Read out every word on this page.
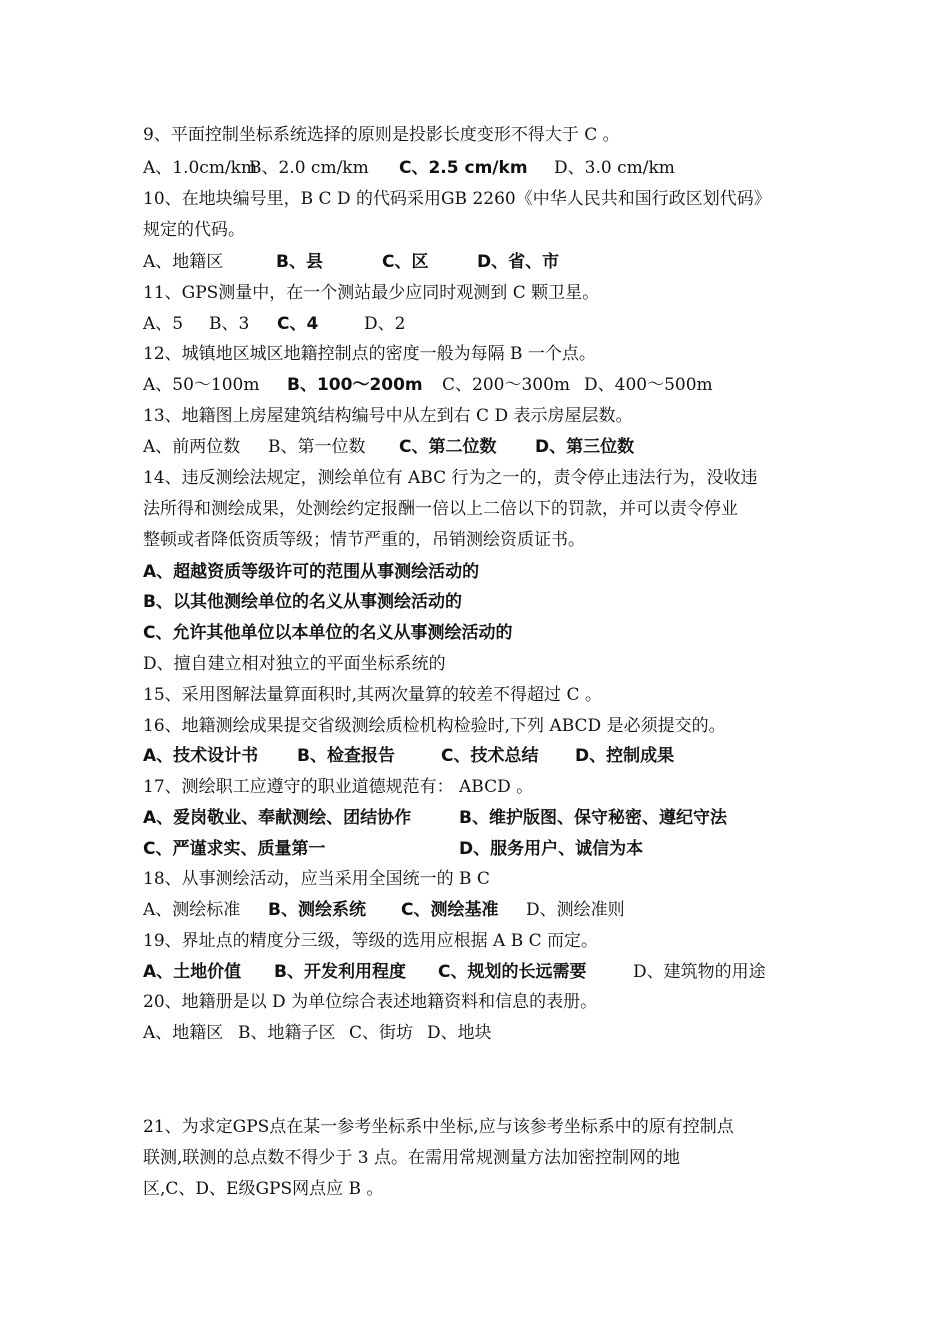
9、平面控制坐标系统选择的原则是投影长度变形不得大于 C 。
A、1.0cm/kmB、2.0 cm/km C、2.5 cm/km D、3.0 cm/km
10、在地块编号里，B C D 的代码采用GB 2260《中华人民共和国行政区划代码》
规定的代码。
A、地籍区	B、县	C、区	D、省、市
11、GPS测量中，在一个测站最少应同时观测到 C 颗卫星。
A、5 B、3 C、4	D、2
12、城镇地区城区地籍控制点的密度一般为每隔 B 一个点。
A、50～100m B、100～200m C、200～300m D、400～500m
13、地籍图上房屋建筑结构编号中从左到右 C D 表示房屋层数。
A、前两位数 B、第一位数 C、第二位数 D、第三位数
14、违反测绘法规定，测绘单位有 ABC 行为之一的，责令停止违法行为，没收违
法所得和测绘成果，处测绘约定报酬一倍以上二倍以下的罚款，并可以责令停业
整顿或者降低资质等级；情节严重的，吊销测绘资质证书。
A、超越资质等级许可的范围从事测绘活动的
B、以其他测绘单位的名义从事测绘活动的
C、允许其他单位以本单位的名义从事测绘活动的
D、擅自建立相对独立的平面坐标系统的
15、采用图解法量算面积时,其两次量算的较差不得超过 C 。
16、地籍测绘成果提交省级测绘质检机构检验时,下列 ABCD 是必须提交的。
A、技术设计书 B、检查报告	C、技术总结 D、控制成果
17、测绘职工应遵守的职业道德规范有： ABCD 。
A、爱岗敬业、奉献测绘、团结协作	B、维护版图、保守秘密、遵纪守法
C、严谨求实、质量第一	D、服务用户、诚信为本
18、从事测绘活动，应当采用全国统一的 B C
A、测绘标准 B、测绘系统 C、测绘基准 D、测绘准则
19、界址点的精度分三级，等级的选用应根据 A B C 而定。
A、土地价值 B、开发利用程度 C、规划的长远需要	D、建筑物的用途
20、地籍册是以 D 为单位综合表述地籍资料和信息的表册。
A、地籍区 B、地籍子区 C、街坊 D、地块
21、为求定GPS点在某一参考坐标系中坐标,应与该参考坐标系中的原有控制点
联测,联测的总点数不得少于 3 点。在需用常规测量方法加密控制网的地
区,C、D、E级GPS网点应 B 。
